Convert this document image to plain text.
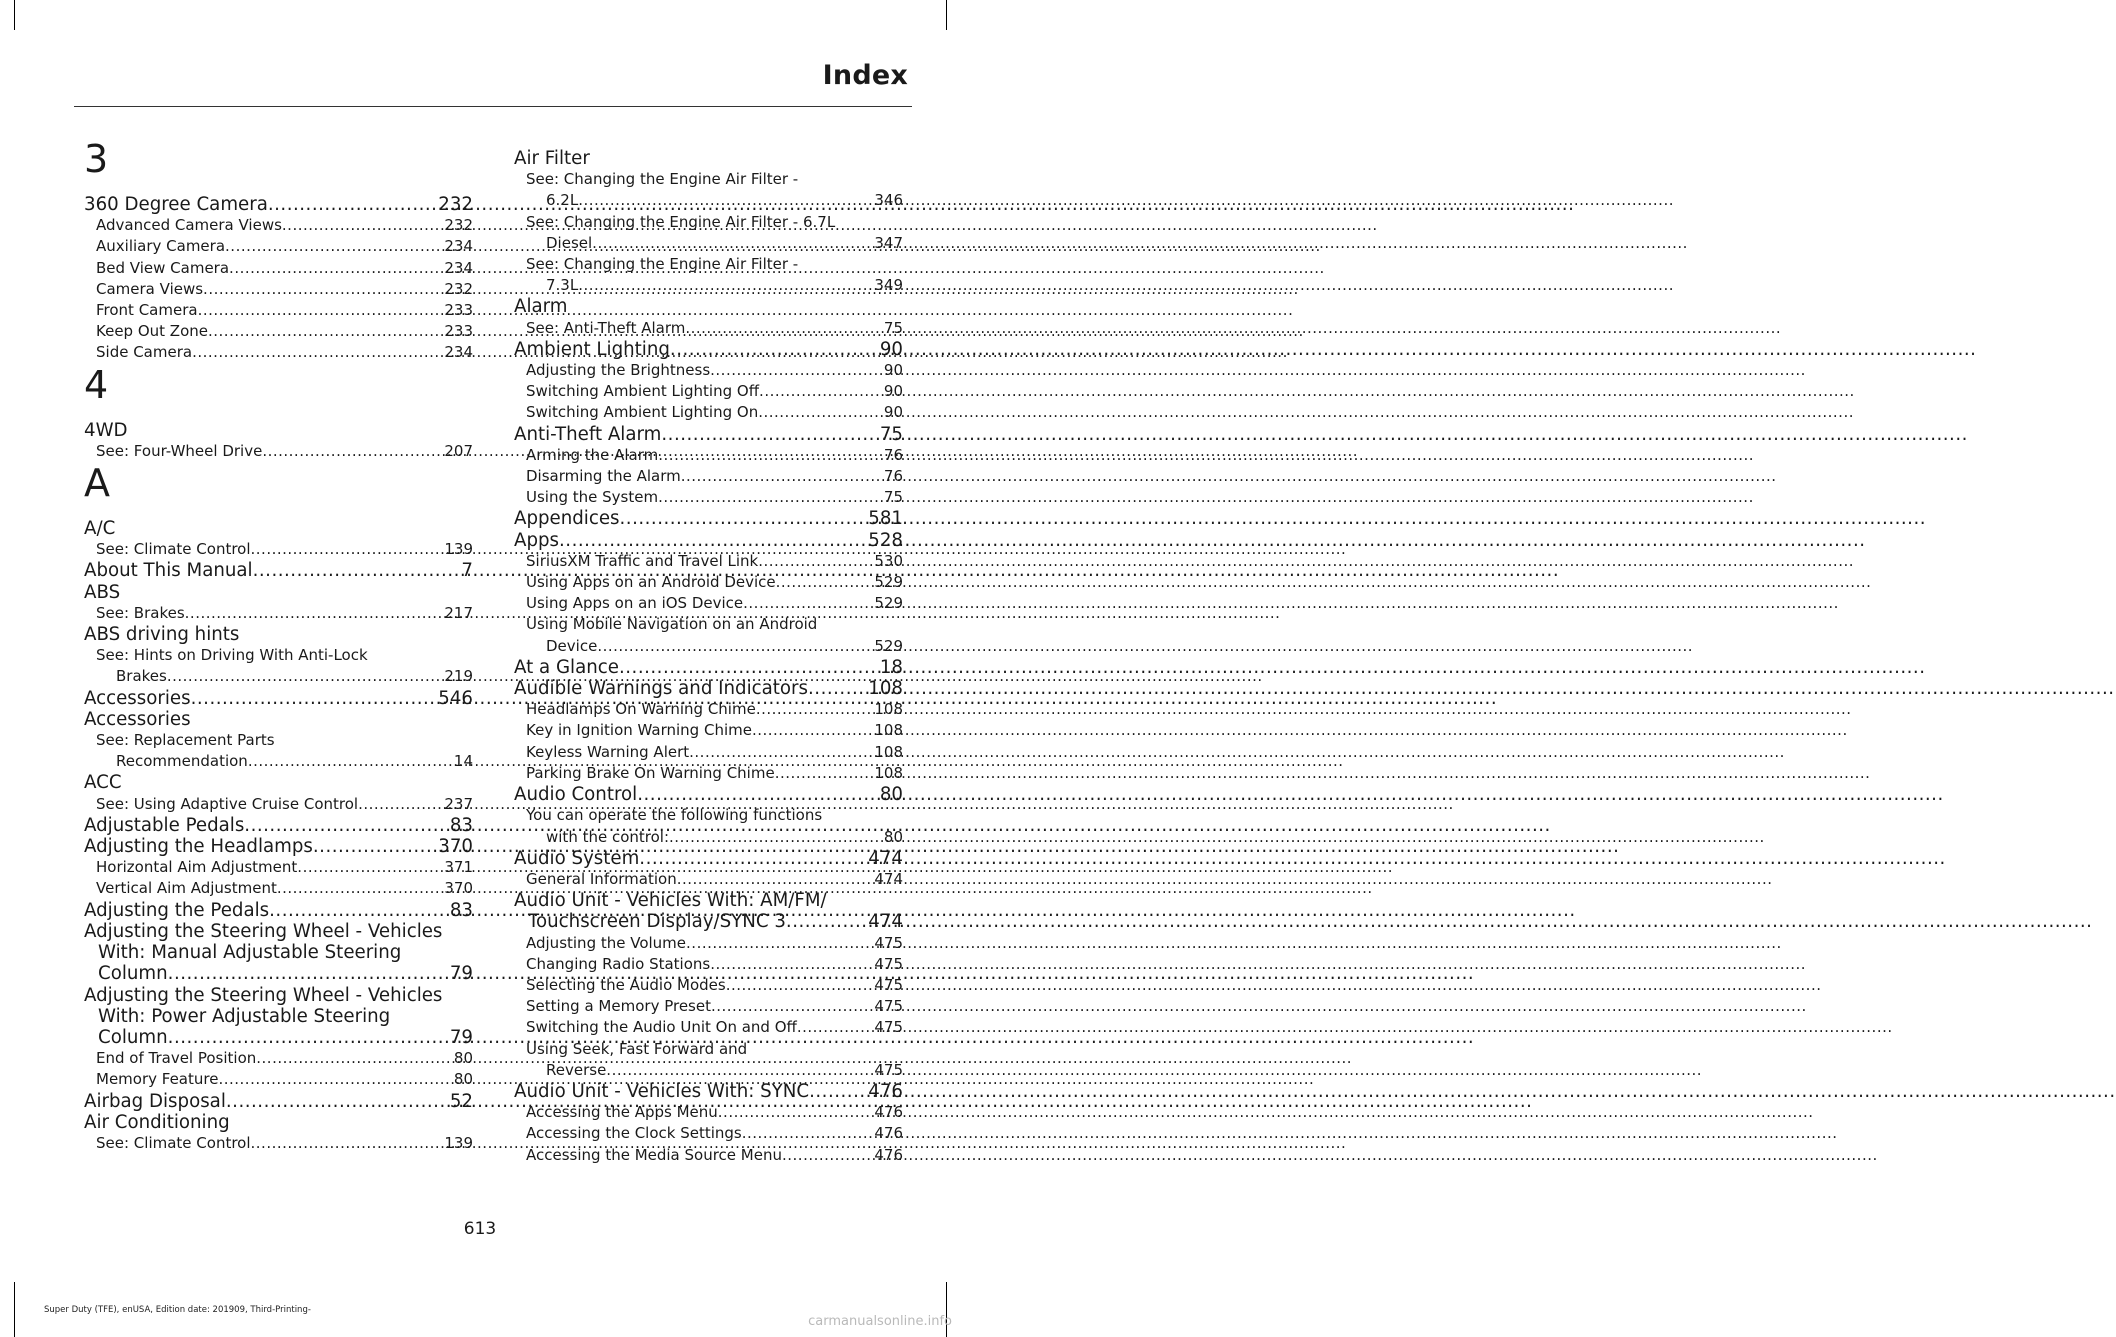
Index
3
360 Degree Camera .....	232
Advanced Camera Views .....	232
Auxiliary Camera .....	234
Bed View Camera .....	234
Camera Views .....	232
Front Camera .....	233
Keep Out Zone .....	233
Side Camera .....	234
4
4WD
See: Four-Wheel Drive .....	207
A
A/C
See: Climate Control .....	139
About This Manual .....	7
ABS
See: Brakes .....	217
ABS driving hints
See: Hints on Driving With Anti-Lock
Brakes .....	219
Accessories .....	546
Accessories
See: Replacement Parts
Recommendation .....	14
ACC
See: Using Adaptive Cruise Control .....	237
Adjustable Pedals .....	83
Adjusting the Headlamps .....	370
Horizontal Aim Adjustment .....	371
Vertical Aim Adjustment .....	370
Adjusting the Pedals .....	83
Adjusting the Steering Wheel - Vehicles
With: Manual Adjustable Steering
Column .....	79
Adjusting the Steering Wheel - Vehicles
With: Power Adjustable Steering
Column .....	79
End of Travel Position .....	80
Memory Feature .....	80
Airbag Disposal .....	52
Air Conditioning
See: Climate Control .....	139
Air Filter
See: Changing the Engine Air Filter -
6.2L .....	346
See: Changing the Engine Air Filter - 6.7L
Diesel .....	347
See: Changing the Engine Air Filter -
7.3L .....	349
Alarm
See: Anti-Theft Alarm .....	75
Ambient Lighting .....	90
Adjusting the Brightness .....	90
Switching Ambient Lighting Off .....	90
Switching Ambient Lighting On .....	90
Anti-Theft Alarm .....	75
Arming the Alarm .....	76
Disarming the Alarm .....	76
Using the System .....	75
Appendices .....	581
Apps .....	528
SiriusXM Traffic and Travel Link .....	530
Using Apps on an Android Device .....	529
Using Apps on an iOS Device .....	529
Using Mobile Navigation on an Android
Device .....	529
At a Glance .....	18
Audible Warnings and Indicators .....	108
Headlamps On Warning Chime .....	108
Key in Ignition Warning Chime .....	108
Keyless Warning Alert .....	108
Parking Brake On Warning Chime .....	108
Audio Control .....	80
You can operate the following functions
with the control: .....	80
Audio System .....	474
General Information .....	474
Audio Unit - Vehicles With: AM/FM/
Touchscreen Display/SYNC 3 .....	474
Adjusting the Volume .....	475
Changing Radio Stations .....	475
Selecting the Audio Modes .....	475
Setting a Memory Preset .....	475
Switching the Audio Unit On and Off .....	475
Using Seek, Fast Forward and
Reverse .....	475
Audio Unit - Vehicles With: SYNC .....	476
Accessing the Apps Menu .....	476
Accessing the Clock Settings .....	476
Accessing the Media Source Menu .....	476
613
Super Duty (TFE), enUSA, Edition date: 201909, Third-Printing-
carmanualsonline.info
